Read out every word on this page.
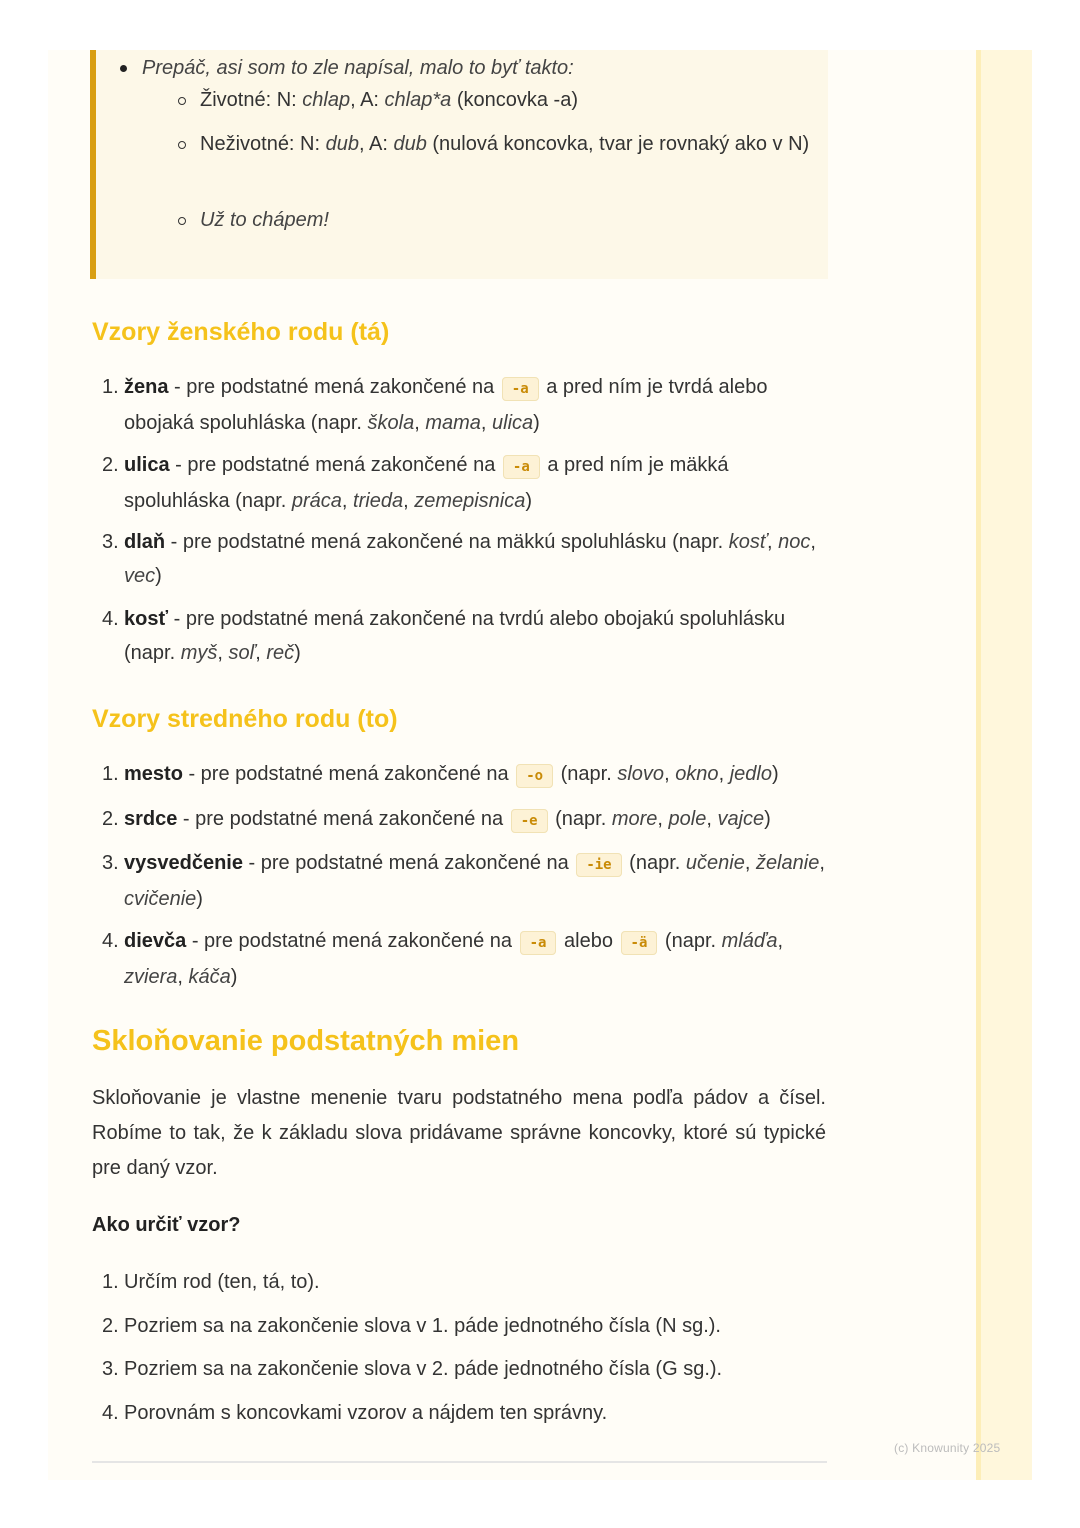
Prepáč, asi som to zle napísal, malo to byť takto:
Životné: N: chlap, A: chlap*a (koncovka -a)
Neživotné: N: dub, A: dub (nulová koncovka, tvar je rovnaký ako v N)
Už to chápem!
Vzory ženského rodu (tá)
1. žena - pre podstatné mená zakončené na -a a pred ním je tvrdá alebo obojaká spoluhláska (napr. škola, mama, ulica)
2. ulica - pre podstatné mená zakončené na -a a pred ním je mäkká spoluhláska (napr. práca, trieda, zemepisnica)
3. dlaň - pre podstatné mená zakončené na mäkkú spoluhlásku (napr. kosť, noc, vec)
4. kosť - pre podstatné mená zakončené na tvrdú alebo obojakú spoluhlásku (napr. myš, soľ, reč)
Vzory stredného rodu (to)
1. mesto - pre podstatné mená zakončené na -o (napr. slovo, okno, jedlo)
2. srdce - pre podstatné mená zakončené na -e (napr. more, pole, vajce)
3. vysvedčenie - pre podstatné mená zakončené na -ie (napr. učenie, želanie, cvičenie)
4. dievča - pre podstatné mená zakončené na -a alebo -ä (napr. mláďa, zviera, káča)
Skloňovanie podstatných mien

Skloňovanie je vlastne menenie tvaru podstatného mena podľa pádov a čísel. Robíme to tak, že k základu slova pridávame správne koncovky, ktoré sú typické pre daný vzor.

Ako určiť vzor?
1. Určím rod (ten, tá, to).
2. Pozriem sa na zakončenie slova v 1. páde jednotného čísla (N sg.).
3. Pozriem sa na zakončenie slova v 2. páde jednotného čísla (G sg.).
4. Porovnám s koncovkami vzorov a nájdem ten správny.
(c) Knowunity 2025
